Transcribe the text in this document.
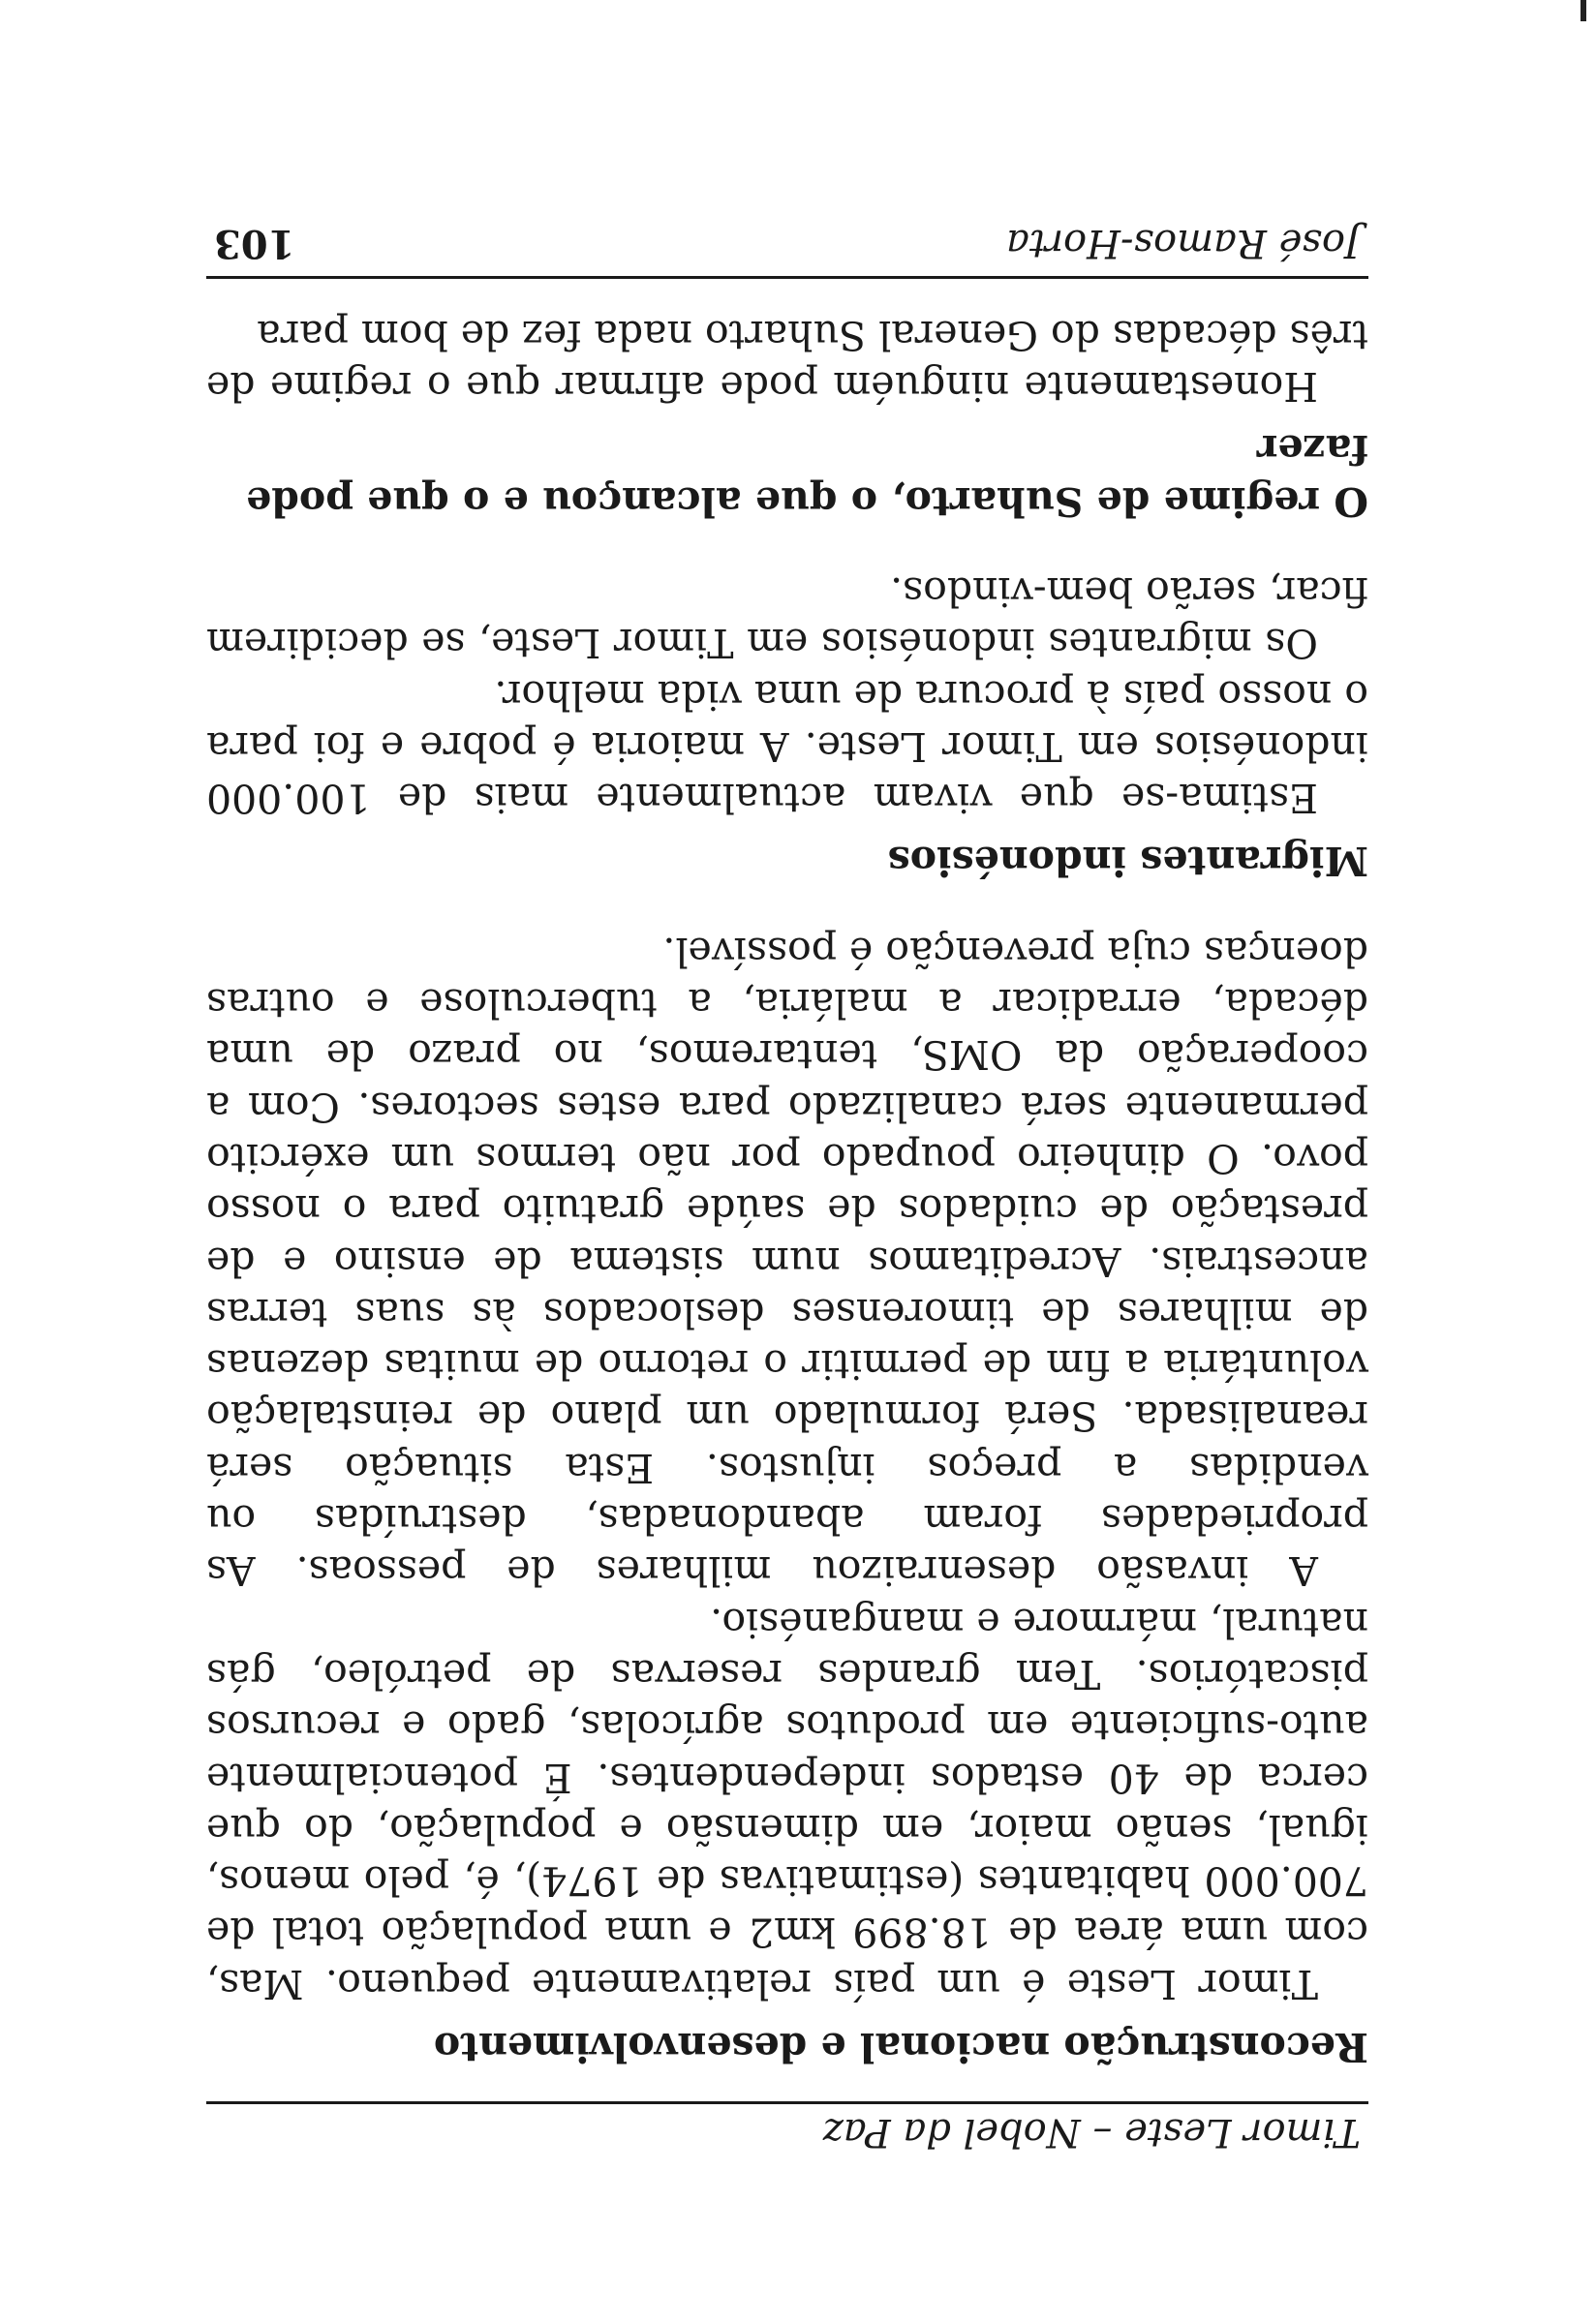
Timor Leste – Nobel da Paz
Reconstrução nacional e desenvolvimento

Timor Leste é um país relativamente pequeno. Mas, com uma área de 18.899 km2 e uma população total de 700.000 habitantes (estimativas de 1974), é, pelo menos, igual, senão maior, em dimensão e população, do que cerca de 40 estados independentes. É potencialmente auto-suficiente em produtos agrícolas, gado e recursos piscatórios. Tem grandes reservas de petróleo, gás natural, mármore e manganésio.

A invasão desenraizou milhares de pessoas. As propriedades foram abandonadas, destruídas ou vendidas a preços injustos. Esta situação será reanalisada. Será formulado um plano de reinstalação voluntária a fim de permitir o retorno de muitas dezenas de milhares de timorenses deslocados às suas terras ancestrais. Acreditamos num sistema de ensino e de prestação de cuidados de saúde gratuito para o nosso povo. O dinheiro poupado por não termos um exército permanente será canalizado para estes sectores. Com a cooperação da OMS, tentaremos, no prazo de uma década, erradicar a malária, a tuberculose e outras doenças cuja prevenção é possível.

Migrantes indonésios

Estima-se que vivam actualmente mais de 100.000 indonésios em Timor Leste. A maioria é pobre e foi para o nosso país à procura de uma vida melhor.

Os migrantes indonésios em Timor Leste, se decidirem ficar, serão bem-vindos.

O regime de Suharto, o que alcançou e o que pode fazer

Honestamente ninguém pode afirmar que o regime de três décadas do General Suharto nada fez de bom para

José Ramos-Horta
103
